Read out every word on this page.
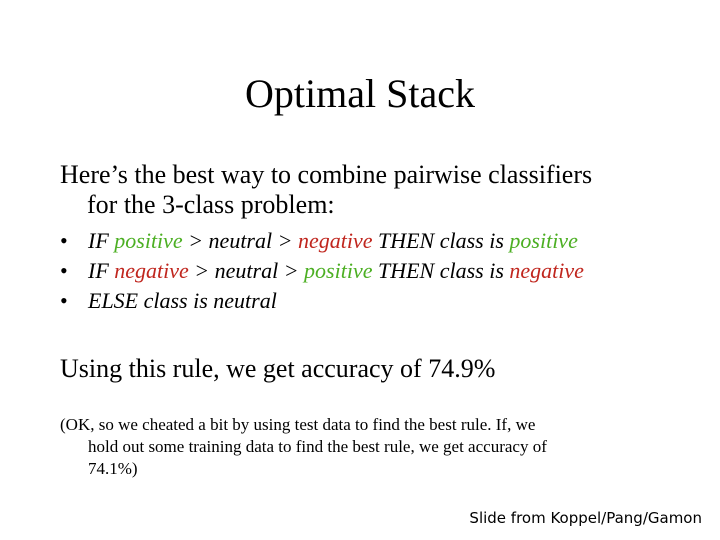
Optimal Stack
Here’s the best way to combine pairwise classifiers
for the 3-class problem:
• IF positive > neutral > negative THEN class is positive
• IF negative > neutral > positive THEN class is negative
• ELSE class is neutral
Using this rule, we get accuracy of 74.9%
(OK, so we cheated a bit by using test data to find the best rule. If, we
hold out some training data to find the best rule, we get accuracy of
74.1%)
Slide from Koppel/Pang/Gamon
